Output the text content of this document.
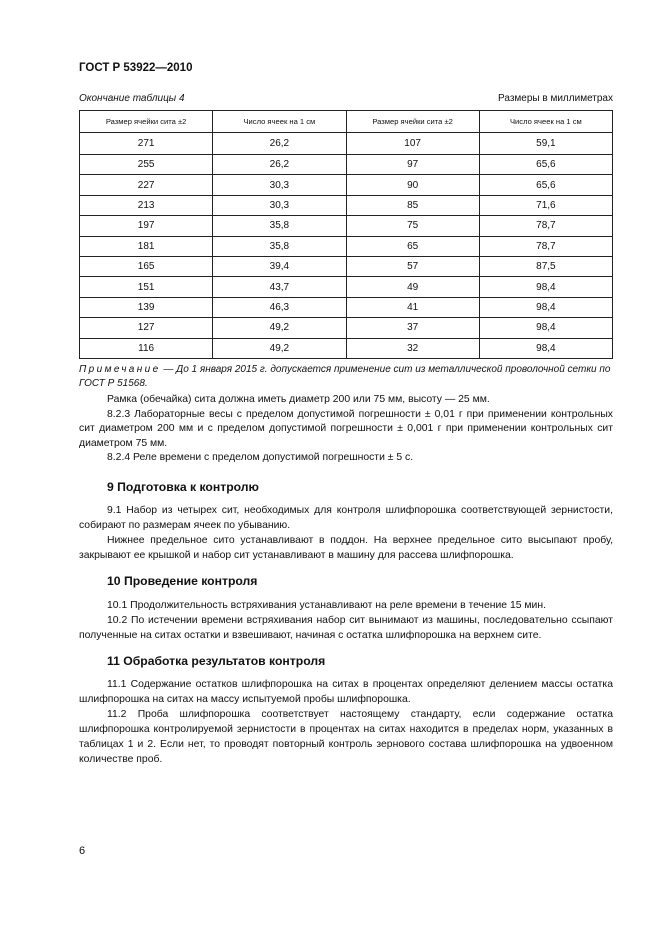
ГОСТ Р 53922—2010
Окончание таблицы 4	Размеры в миллиметрах
Размер ячейки сита ±2	Число ячеек на 1 см	Размер ячейки сита ±2	Число ячеек на 1 см
271	26,2	107	59,1
255	26,2	97	65,6
227	30,3	90	65,6
213	30,3	85	71,6
197	35,8	75	78,7
181	35,8	65	78,7
165	39,4	57	87,5
151	43,7	49	98,4
139	46,3	41	98,4
127	49,2	37	98,4
116	49,2	32	98,4
Примечание — До 1 января 2015 г. допускается применение сит из металлической проволочной сетки по ГОСТ Р 51568.

Рамка (обечайка) сита должна иметь диаметр 200 или 75 мм, высоту — 25 мм.

8.2.3 Лабораторные весы с пределом допустимой погрешности ± 0,01 г при применении контрольных сит диаметром 200 мм и с пределом допустимой погрешности ± 0,001 г при применении контрольных сит диаметром 75 мм.

8.2.4 Реле времени с пределом допустимой погрешности ± 5 с.

9 Подготовка к контролю

9.1 Набор из четырех сит, необходимых для контроля шлифпорошка соответствующей зернистости, собирают по размерам ячеек по убыванию.

Нижнее предельное сито устанавливают в поддон. На верхнее предельное сито высыпают пробу, закрывают ее крышкой и набор сит устанавливают в машину для рассева шлифпорошка.

10 Проведение контроля

10.1 Продолжительность встряхивания устанавливают на реле времени в течение 15 мин.

10.2 По истечении времени встряхивания набор сит вынимают из машины, последовательно ссыпают полученные на ситах остатки и взвешивают, начиная с остатка шлифпорошка на верхнем сите.

11 Обработка результатов контроля

11.1 Содержание остатков шлифпорошка на ситах в процентах определяют делением массы остатка шлифпорошка на ситах на массу испытуемой пробы шлифпорошка.

11.2 Проба шлифпорошка соответствует настоящему стандарту, если содержание остатка шлифпорошка контролируемой зернистости в процентах на ситах находится в пределах норм, указанных в таблицах 1 и 2. Если нет, то проводят повторный контроль зернового состава шлифпорошка на удвоенном количестве проб.

6
